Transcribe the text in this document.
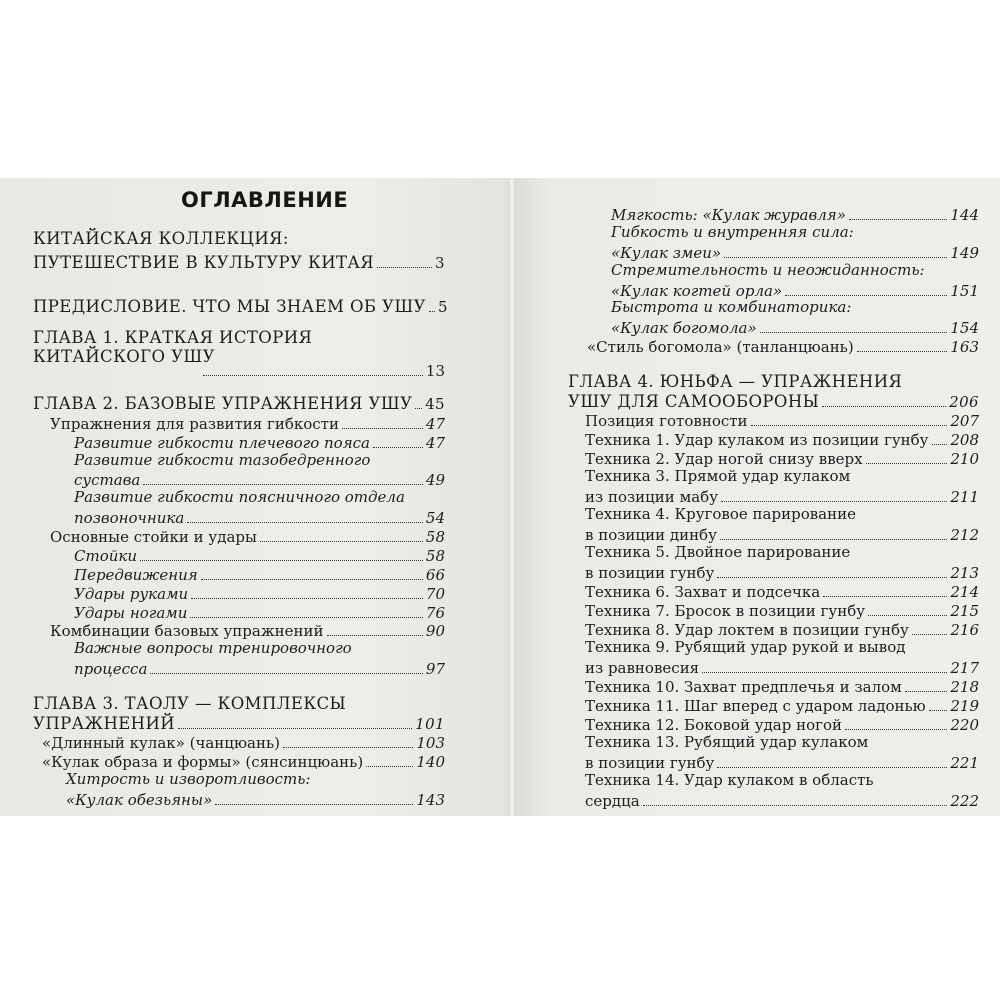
ОГЛАВЛЕНИЕ
КИТАЙСКАЯ КОЛЛЕКЦИЯ:
ПУТЕШЕСТВИЕ В КУЛЬТУРУ КИТАЯ	3
ПРЕДИСЛОВИЕ. ЧТО МЫ ЗНАЕМ ОБ УШУ 5
ГЛАВА 1. КРАТКАЯ ИСТОРИЯ
КИТАЙСКОГО УШУ
13
ГЛАВА 2. БАЗОВЫЕ УПРАЖНЕНИЯ УШУ 45
Упражнения для развития гибкости	47
Развитие гибкости плечевого пояса	47
Развитие гибкости тазобедренного
сустава	49
Развитие гибкости поясничного отдела
позвоночника	54
Основные стойки и удары	58
Стойки	58
Передвижения	66
Удары руками	70
Удары ногами	76
Комбинации базовых упражнений	90
Важные вопросы тренировочного
процесса	97
ГЛАВА 3. ТАОЛУ — КОМПЛЕКСЫ
УПРАЖНЕНИЙ	101
«Длинный кулак» (чанцюань)	103
«Кулак образа и формы» (сянсинцюань)	140
Хитрость и изворотливость:
«Кулак обезьяны»	143
Мягкость: «Кулак журавля»	144
Гибкость и внутренняя сила:
«Кулак змеи»	149
Стремительность и неожиданность:
«Кулак когтей орла»	151
Быстрота и комбинаторика:
«Кулак богомола»	154
«Стиль богомола» (танланцюань)	163
ГЛАВА 4. ЮНЬФА — УПРАЖНЕНИЯ
УШУ ДЛЯ САМООБОРОНЫ	206
Позиция готовности	207
Техника 1. Удар кулаком из позиции гунбу 208
Техника 2. Удар ногой снизу вверх	210
Техника 3. Прямой удар кулаком
из позиции мабу	211
Техника 4. Круговое парирование
в позиции динбу	212
Техника 5. Двойное парирование
в позиции гунбу	213
Техника 6. Захват и подсечка	214
Техника 7. Бросок в позиции гунбу	215
Техника 8. Удар локтем в позиции гунбу	216
Техника 9. Рубящий удар рукой и вывод
из равновесия	217
Техника 10. Захват предплечья и залом	218
Техника 11. Шаг вперед с ударом ладонью 219
Техника 12. Боковой удар ногой	220
Техника 13. Рубящий удар кулаком
в позиции гунбу	221
Техника 14. Удар кулаком в область
сердца	222
